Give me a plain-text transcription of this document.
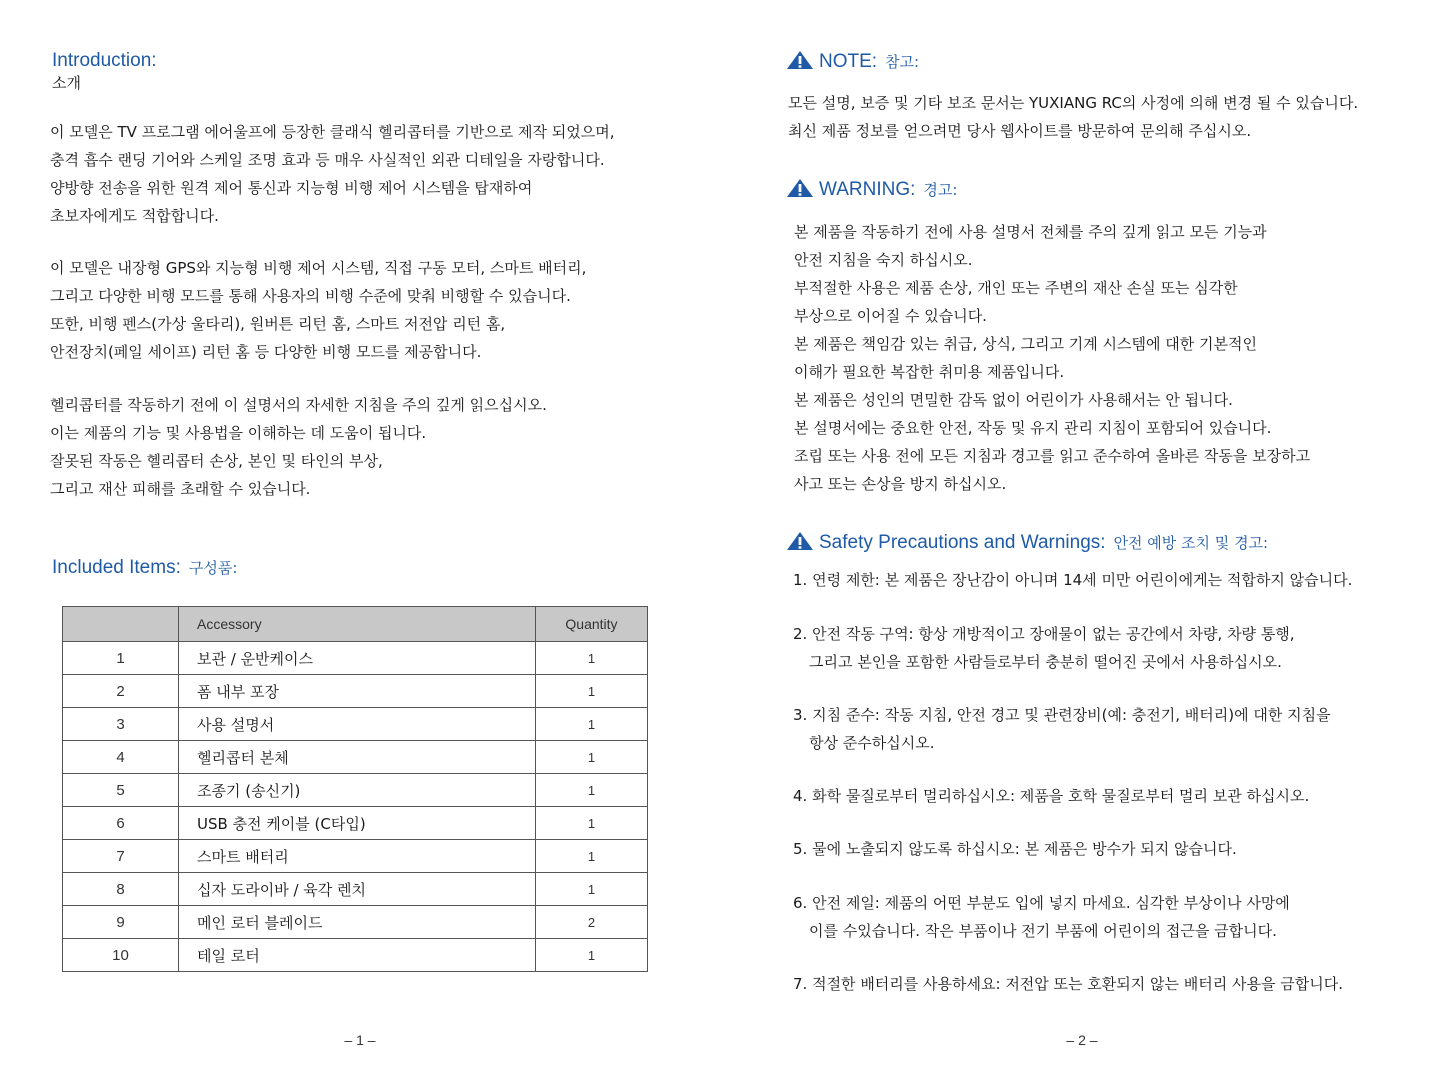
Introduction:
소개
이 모델은 TV 프로그램 에어울프에 등장한 클래식 헬리콥터를 기반으로 제작 되었으며,
충격 흡수 랜딩 기어와 스케일 조명 효과 등 매우 사실적인 외관 디테일을 자랑합니다.
양방향 전송을 위한 원격 제어 통신과 지능형 비행 제어 시스템을 탑재하여
초보자에게도 적합합니다.
이 모델은 내장형 GPS와 지능형 비행 제어 시스템, 직접 구동 모터, 스마트 배터리,
그리고 다양한 비행 모드를 통해 사용자의 비행 수준에 맞춰 비행할 수 있습니다.
또한, 비행 펜스(가상 울타리), 원버튼 리턴 홈, 스마트 저전압 리턴 홈,
안전장치(페일 세이프) 리턴 홈 등 다양한 비행 모드를 제공합니다.
헬리콥터를 작동하기 전에 이 설명서의 자세한 지침을 주의 깊게 읽으십시오.
이는 제품의 기능 및 사용법을 이해하는 데 도움이 됩니다.
잘못된 작동은 헬리콥터 손상, 본인 및 타인의 부상,
그리고 재산 피해를 초래할 수 있습니다.
Included Items: 구성품:
	Accessory	Quantity
1	보관 / 운반케이스	1
2	폼 내부 포장	1
3	사용 설명서	1
4	헬리콥터 본체	1
5	조종기 (송신기)	1
6	USB 충전 케이블 (C타입)	1
7	스마트 배터리	1
8	십자 도라이바 / 육각 렌치	1
9	메인 로터 블레이드	2
10	테일 로터	1
– 1 –
NOTE: 참고:
모든 설명, 보증 및 기타 보조 문서는 YUXIANG RC의 사정에 의해 변경 될 수 있습니다.
최신 제품 정보를 얻으려면 당사 웹사이트를 방문하여 문의해 주십시오.
WARNING: 경고:
본 제품을 작동하기 전에 사용 설명서 전체를 주의 깊게 읽고 모든 기능과
안전 지침을 숙지 하십시오.
부적절한 사용은 제품 손상, 개인 또는 주변의 재산 손실 또는 심각한
부상으로 이어질 수 있습니다.
본 제품은 책임감 있는 취급, 상식, 그리고 기계 시스템에 대한 기본적인
이해가 필요한 복잡한 취미용 제품입니다.
본 제품은 성인의 면밀한 감독 없이 어린이가 사용해서는 안 됩니다.
본 설명서에는 중요한 안전, 작동 및 유지 관리 지침이 포함되어 있습니다.
조립 또는 사용 전에 모든 지침과 경고를 읽고 준수하여 올바른 작동을 보장하고
사고 또는 손상을 방지 하십시오.
Safety Precautions and Warnings: 안전 예방 조치 및 경고:
1. 연령 제한: 본 제품은 장난감이 아니며 14세 미만 어린이에게는 적합하지 않습니다.
2. 안전 작동 구역: 항상 개방적이고 장애물이 없는 공간에서 차량, 차량 통행,
그리고 본인을 포함한 사람들로부터 충분히 떨어진 곳에서 사용하십시오.
3. 지침 준수: 작동 지침, 안전 경고 및 관련장비(예: 충전기, 배터리)에 대한 지침을
항상 준수하십시오.
4. 화학 물질로부터 멀리하십시오: 제품을 호학 물질로부터 멀리 보관 하십시오.
5. 물에 노출되지 않도록 하십시오: 본 제품은 방수가 되지 않습니다.
6. 안전 제일: 제품의 어떤 부분도 입에 넣지 마세요. 심각한 부상이나 사망에
이를 수있습니다. 작은 부품이나 전기 부품에 어린이의 접근을 금합니다.
7. 적절한 배터리를 사용하세요: 저전압 또는 호환되지 않는 배터리 사용을 금합니다.
– 2 –
